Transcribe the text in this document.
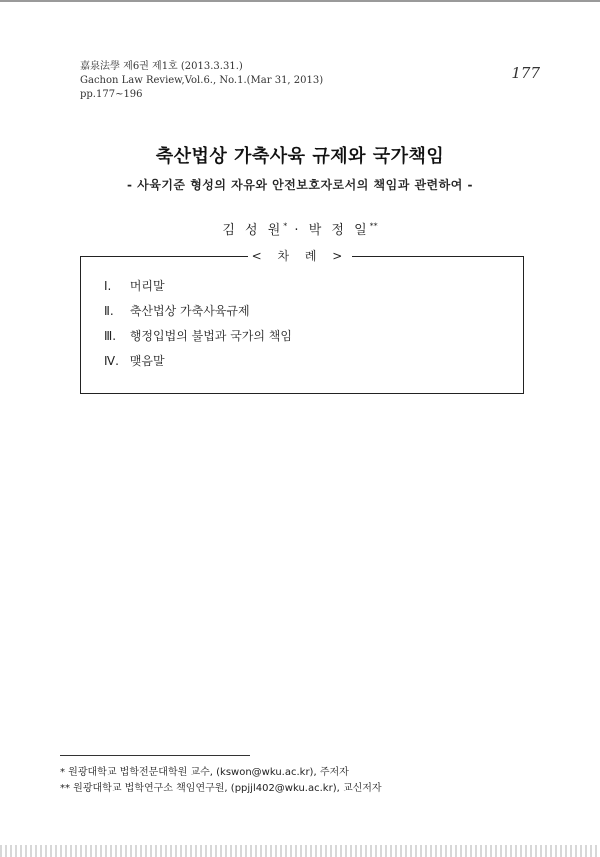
嘉泉法學 제6권 제1호 (2013.3.31.)
Gachon Law Review,Vol.6., No.1.(Mar 31, 2013)
pp.177~196
177
축산법상 가축사육 규제와 국가책임
- 사육기준 형성의 자유와 안전보호자로서의 책임과 관련하여 -
김 성 원* · 박 정 일**
< 차 례 >
Ⅰ. 머리말
Ⅱ. 축산법상 가축사육규제
Ⅲ. 행정입법의 불법과 국가의 책임
Ⅳ. 맺음말
* 원광대학교 법학전문대학원 교수, (kswon@wku.ac.kr), 주저자
** 원광대학교 법학연구소 책임연구원, (ppjjl402@wku.ac.kr), 교신저자
